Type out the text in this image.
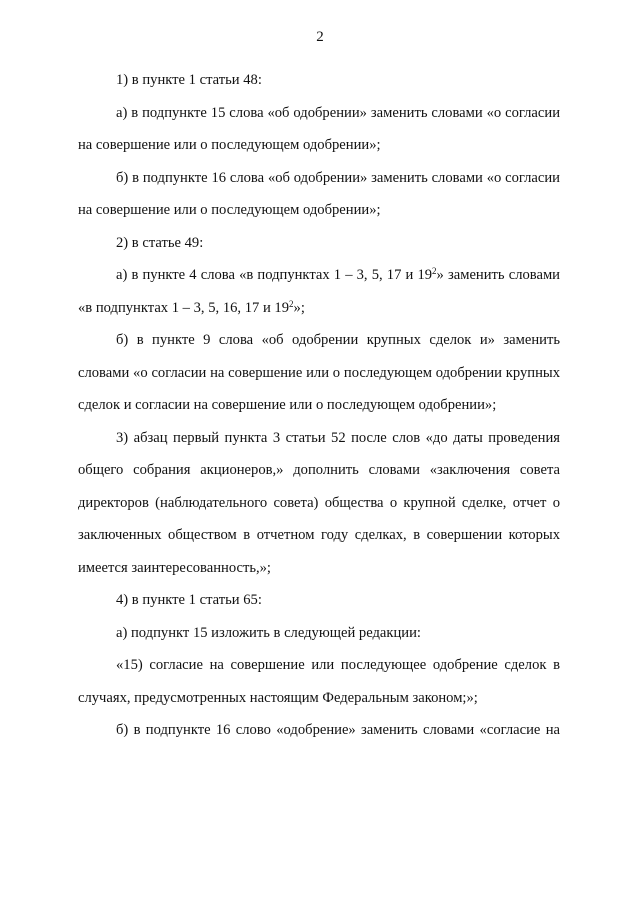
2

1) в пункте 1 статьи 48:

а) в подпункте 15 слова «об одобрении» заменить словами «о согласии на совершение или о последующем одобрении»;

б) в подпункте 16 слова «об одобрении» заменить словами «о согласии на совершение или о последующем одобрении»;

2) в статье 49:

а) в пункте 4 слова «в подпунктах 1 – 3, 5, 17 и $19^2$» заменить словами «в подпунктах 1 – 3, 5, 16, 17 и $19^2$»;

б) в пункте 9 слова «об одобрении крупных сделок и» заменить словами «о согласии на совершение или о последующем одобрении крупных сделок и согласии на совершение или о последующем одобрении»;

3) абзац первый пункта 3 статьи 52 после слов «до даты проведения общего собрания акционеров,» дополнить словами «заключения совета директоров (наблюдательного совета) общества о крупной сделке, отчет о заключенных обществом в отчетном году сделках, в совершении которых имеется заинтересованность,»;

4) в пункте 1 статьи 65:

а) подпункт 15 изложить в следующей редакции:

«15) согласие на совершение или последующее одобрение сделок в случаях, предусмотренных настоящим Федеральным законом;»;

б) в подпункте 16 слово «одобрение» заменить словами «согласие на
